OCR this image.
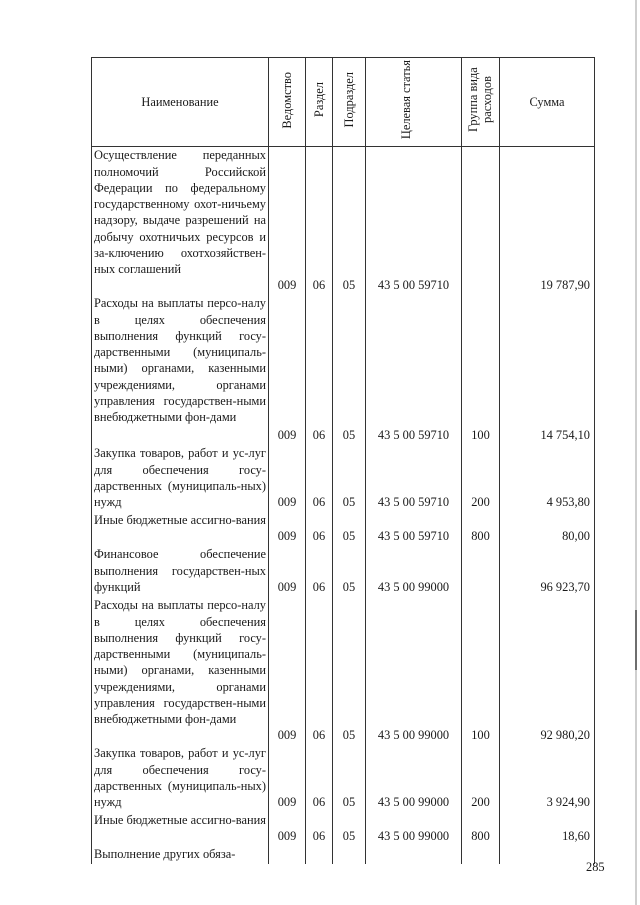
Наименование	Ведомство	Раздел	Подраздел	Целевая статья	Группа вида расходов	Сумма

Осуществление переданных полномочий Российской Федерации по федеральному государственному охот-ничьему надзору, выдаче разрешений на добычу охотничьих ресурсов и за-ключению охотхозяйствен-ных соглашений	009	06	05	43 5 00 59710		19 787,90

Расходы на выплаты персо-налу в целях обеспечения выполнения функций госу-дарственными (муниципаль-ными) органами, казенными учреждениями, органами управления государствен-ными внебюджетными фон-дами	009	06	05	43 5 00 59710	100	14 754,10

Закупка товаров, работ и ус-луг для обеспечения госу-дарственных (муниципаль-ных) нужд	009	06	05	43 5 00 59710	200	4 953,80

Иные бюджетные ассигно-вания	009	06	05	43 5 00 59710	800	80,00

Финансовое обеспечение выполнения государствен-ных функций	009	06	05	43 5 00 99000		96 923,70

Расходы на выплаты персо-налу в целях обеспечения выполнения функций госу-дарственными (муниципаль-ными) органами, казенными учреждениями, органами управления государствен-ными внебюджетными фон-дами	009	06	05	43 5 00 99000	100	92 980,20

Закупка товаров, работ и ус-луг для обеспечения госу-дарственных (муниципаль-ных) нужд	009	06	05	43 5 00 99000	200	3 924,90

Иные бюджетные ассигно-вания	009	06	05	43 5 00 99000	800	18,60

Выполнение других обяза-						

285
